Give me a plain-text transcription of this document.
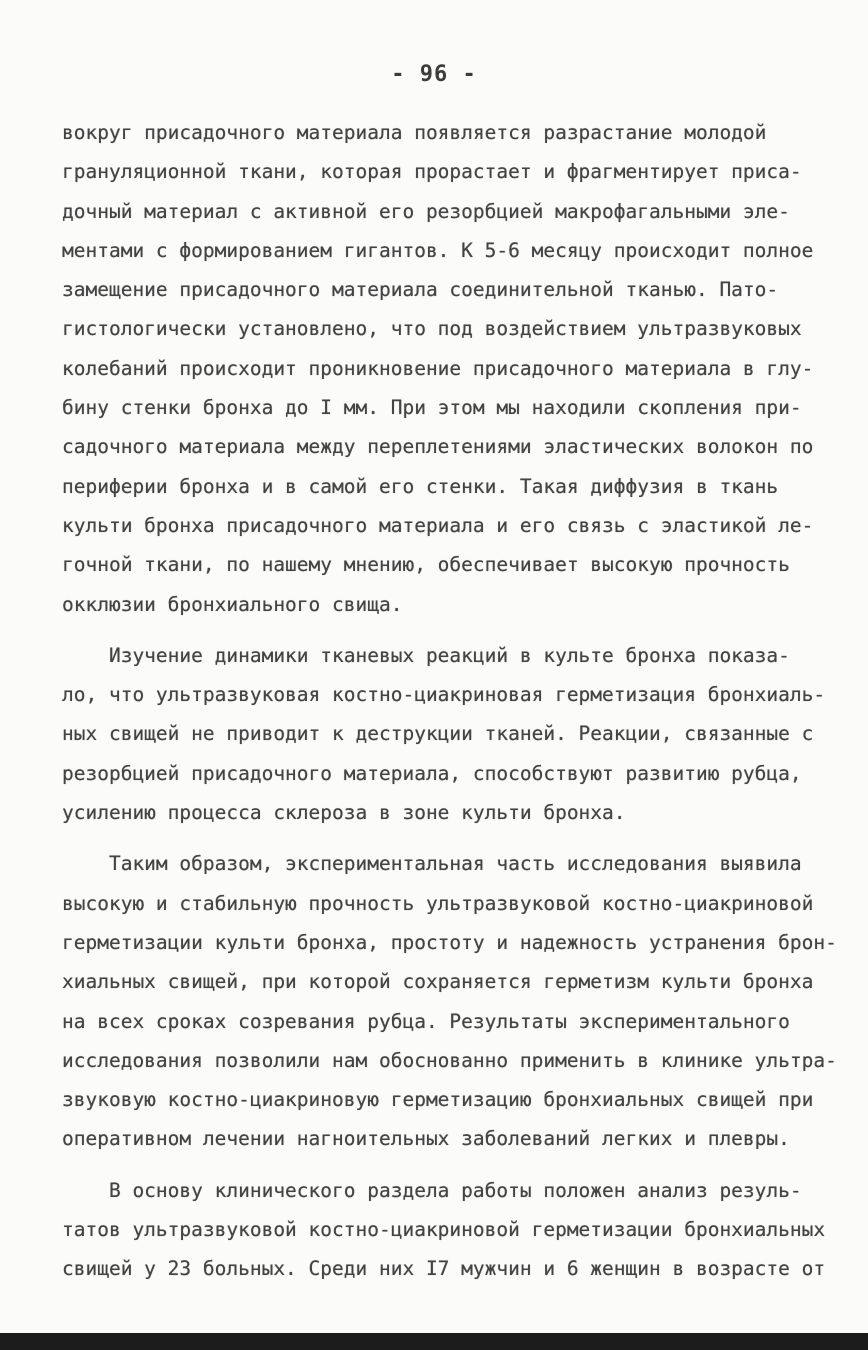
- 96 -
вокруг присадочного материала появляется разрастание молодой
грануляционной ткани, которая прорастает и фрагментирует приса-
дочный материал с активной его резорбцией макрофагальными эле-
ментами с формированием гигантов. К 5-6 месяцу происходит полное
замещение присадочного материала соединительной тканью. Пато-
гистологически установлено, что под воздействием ультразвуковых
колебаний происходит проникновение присадочного материала в глу-
бину стенки бронха до I мм. При этом мы находили скопления при-
садочного материала между переплетениями эластических волокон по
периферии бронха и в самой его стенки. Такая диффузия в ткань
культи бронха присадочного материала и его связь с эластикой ле-
гочной ткани, по нашему мнению, обеспечивает высокую прочность
окклюзии бронхиального свища.
Изучение динамики тканевых реакций в культе бронха показа-
ло, что ультразвуковая костно-циакриновая герметизация бронхиаль-
ных свищей не приводит к деструкции тканей. Реакции, связанные с
резорбцией присадочного материала, способствуют развитию рубца,
усилению процесса склероза в зоне культи бронха.
Таким образом, экспериментальная часть исследования выявила
высокую и стабильную прочность ультразвуковой костно-циакриновой
герметизации культи бронха, простоту и надежность устранения брон-
хиальных свищей, при которой сохраняется герметизм культи бронха
на всех сроках созревания рубца. Результаты экспериментального
исследования позволили нам обоснованно применить в клинике ультра-
звуковую костно-циакриновую герметизацию бронхиальных свищей при
оперативном лечении нагноительных заболеваний легких и плевры.
В основу клинического раздела работы положен анализ резуль-
татов ультразвуковой костно-циакриновой герметизации бронхиальных
свищей у 23 больных. Среди них I7 мужчин и 6 женщин в возрасте от
